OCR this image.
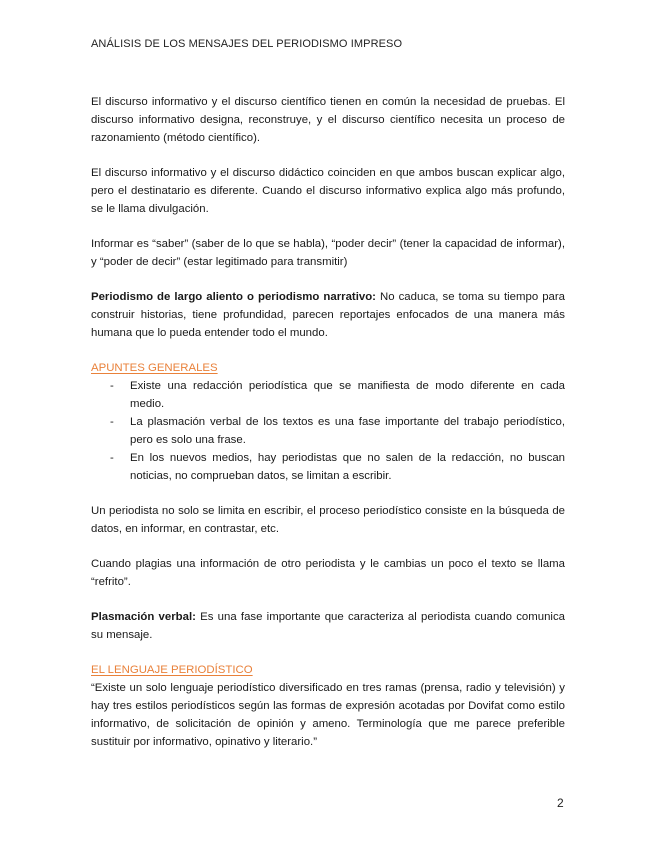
ANÁLISIS DE LOS MENSAJES DEL PERIODISMO IMPRESO

El discurso informativo y el discurso científico tienen en común la necesidad de pruebas. El discurso informativo designa, reconstruye, y el discurso científico necesita un proceso de razonamiento (método científico).

El discurso informativo y el discurso didáctico coinciden en que ambos buscan explicar algo, pero el destinatario es diferente. Cuando el discurso informativo explica algo más profundo, se le llama divulgación.

Informar es “saber” (saber de lo que se habla), “poder decir” (tener la capacidad de informar), y “poder de decir” (estar legitimado para transmitir)

Periodismo de largo aliento o periodismo narrativo: No caduca, se toma su tiempo para construir historias, tiene profundidad, parecen reportajes enfocados de una manera más humana que lo pueda entender todo el mundo.

APUNTES GENERALES

- Existe una redacción periodística que se manifiesta de modo diferente en cada medio.
- La plasmación verbal de los textos es una fase importante del trabajo periodístico, pero es solo una frase.
- En los nuevos medios, hay periodistas que no salen de la redacción, no buscan noticias, no comprueban datos, se limitan a escribir.

Un periodista no solo se limita en escribir, el proceso periodístico consiste en la búsqueda de datos, en informar, en contrastar, etc.

Cuando plagias una información de otro periodista y le cambias un poco el texto se llama “refrito”.

Plasmación verbal: Es una fase importante que caracteriza al periodista cuando comunica su mensaje.

EL LENGUAJE PERIODÍSTICO

“Existe un solo lenguaje periodístico diversificado en tres ramas (prensa, radio y televisión) y hay tres estilos periodísticos según las formas de expresión acotadas por Dovifat como estilo informativo, de solicitación de opinión y ameno. Terminología que me parece preferible sustituir por informativo, opinativo y literario.”

2
